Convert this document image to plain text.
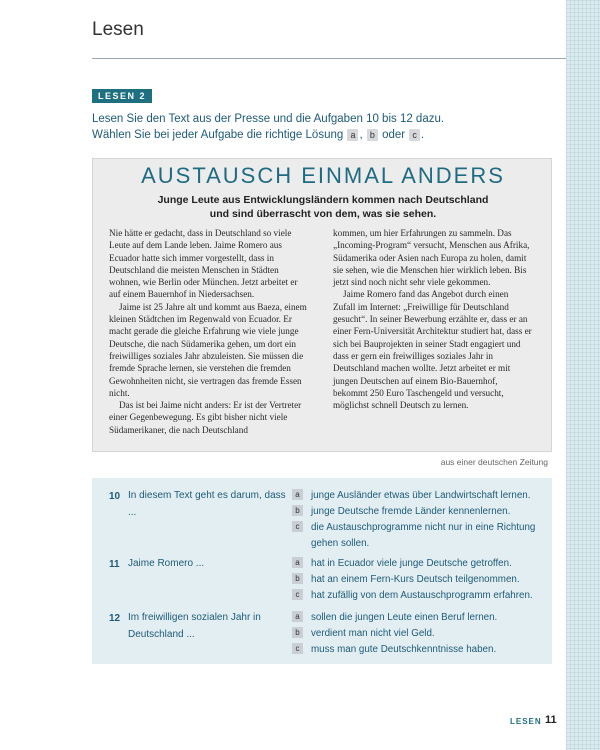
Lesen
LESEN 2
Lesen Sie den Text aus der Presse und die Aufgaben 10 bis 12 dazu.
Wählen Sie bei jeder Aufgabe die richtige Lösung a , b oder c .
AUSTAUSCH EINMAL ANDERS
Junge Leute aus Entwicklungsländern kommen nach Deutschland
und sind überrascht von dem, was sie sehen.

Nie hätte er gedacht, dass in Deutschland so viele Leute auf dem Lande leben. Jaime Romero aus Ecuador hatte sich immer vorgestellt, dass in Deutschland die meisten Menschen in Städten wohnen, wie Berlin oder München. Jetzt arbeitet er auf einem Bauernhof in Niedersachsen.

Jaime ist 25 Jahre alt und kommt aus Baeza, einem kleinen Städtchen im Regenwald von Ecuador. Er macht gerade die gleiche Erfahrung wie viele junge Deutsche, die nach Südamerika gehen, um dort ein freiwilliges soziales Jahr abzuleisten. Sie müssen die fremde Sprache lernen, sie verstehen die fremden Gewohnheiten nicht, sie vertragen das fremde Essen nicht.

Das ist bei Jaime nicht anders: Er ist der Vertreter einer Gegenbewegung. Es gibt bisher nicht viele Südamerikaner, die nach Deutschland

kommen, um hier Erfahrungen zu sammeln. Das „Incoming-Program“ versucht, Menschen aus Afrika, Südamerika oder Asien nach Europa zu holen, damit sie sehen, wie die Menschen hier wirklich leben. Bis jetzt sind noch nicht sehr viele gekommen.

Jaime Romero fand das Angebot durch einen Zufall im Internet: „Freiwillige für Deutschland gesucht“. In seiner Bewerbung erzählte er, dass er an einer Fern-Universität Architektur studiert hat, dass er sich bei Bauprojekten in seiner Stadt engagiert und dass er gern ein freiwilliges soziales Jahr in Deutschland machen wollte. Jetzt arbeitet er mit jungen Deutschen auf einem Bio-Bauernhof, bekommt 250 Euro Taschengeld und versucht, möglichst schnell Deutsch zu lernen.

aus einer deutschen Zeitung
10 In diesem Text geht es darum, dass ...
a	junge Ausländer etwas über Landwirtschaft lernen.
b	junge Deutsche fremde Länder kennenlernen.
c	die Austauschprogramme nicht nur in eine Richtung gehen sollen.
11 Jaime Romero ...	a	hat in Ecuador viele junge Deutsche getroffen.
b	hat an einem Fern-Kurs Deutsch teilgenommen.
c	hat zufällig von dem Austauschprogramm erfahren.
12 Im freiwilligen sozialen Jahr in Deutschland ...
a	sollen die jungen Leute einen Beruf lernen.
b	verdient man nicht viel Geld.
c	muss man gute Deutschkenntnisse haben.
LESEN 11
